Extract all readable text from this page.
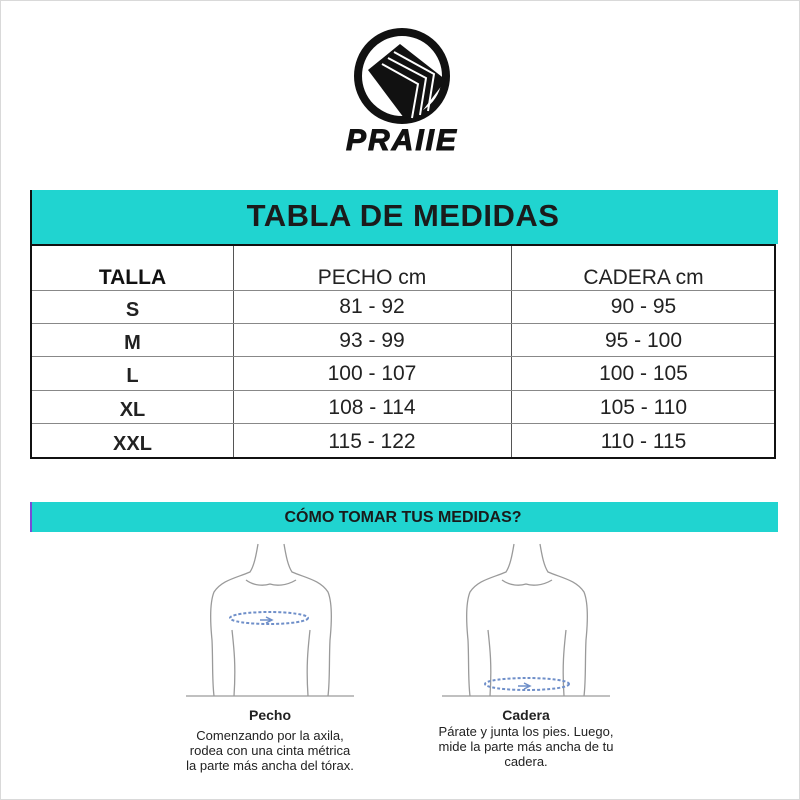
PRAIIE
TABLA DE MEDIDAS
TALLA	PECHO cm	CADERA cm
S	81 - 92	90 - 95
M	93 - 99	95 - 100
L	100 - 107	100 - 105
XL	108 - 114	105 - 110
XXL	115 - 122	110 - 115
CÓMO TOMAR TUS MEDIDAS?
Pecho
Comenzando por la axila,
rodea con una cinta métrica
la parte más ancha del tórax.
Cadera
Párate y junta los pies. Luego,
mide la parte más ancha de tu
cadera.
